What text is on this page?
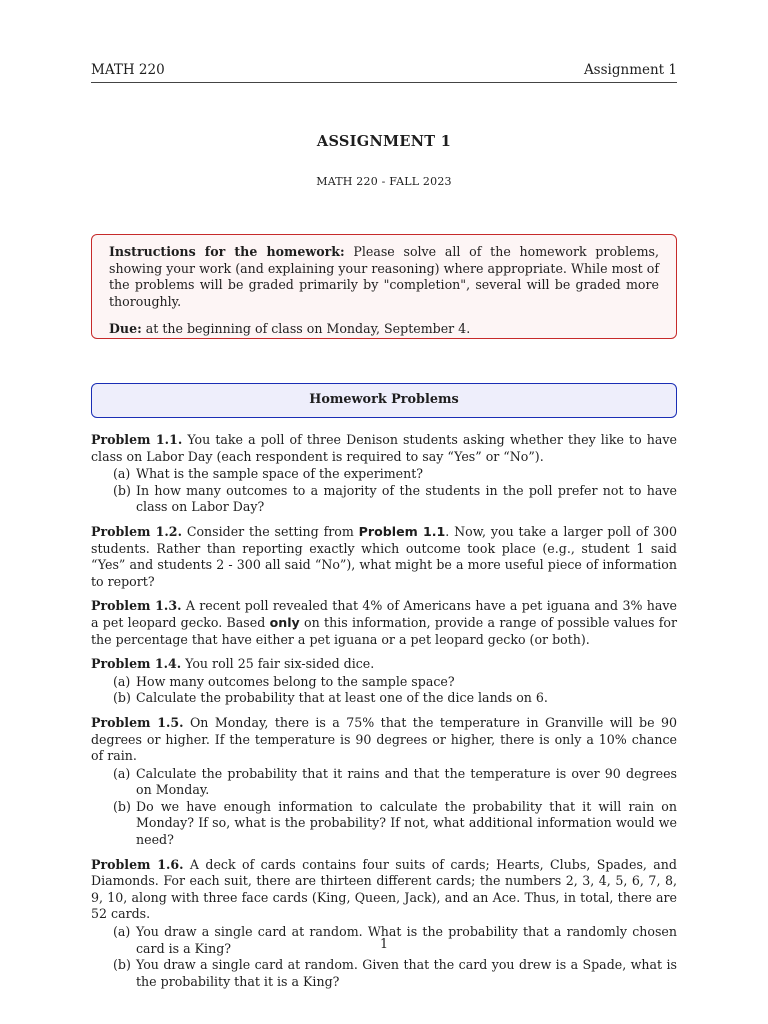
MATH 220	Assignment 1
ASSIGNMENT 1
MATH 220 - FALL 2023

Instructions for the homework: Please solve all of the homework problems, showing your work (and explaining your reasoning) where appropriate. While most of the problems will be graded primarily by "completion", several will be graded more thoroughly.

Due: at the beginning of class on Monday, September 4.

Homework Problems

Problem 1.1. You take a poll of three Denison students asking whether they like to have class on Labor Day (each respondent is required to say “Yes” or “No”).

(a) What is the sample space of the experiment?
(b) In how many outcomes to a majority of the students in the poll prefer not to have class on Labor Day?

Problem 1.2. Consider the setting from Problem 1.1. Now, you take a larger poll of 300 students. Rather than reporting exactly which outcome took place (e.g., student 1 said “Yes” and students 2 - 300 all said “No”), what might be a more useful piece of information to report?

Problem 1.3. A recent poll revealed that 4% of Americans have a pet iguana and 3% have a pet leopard gecko. Based only on this information, provide a range of possible values for the percentage that have either a pet iguana or a pet leopard gecko (or both).

Problem 1.4. You roll 25 fair six-sided dice.

(a) How many outcomes belong to the sample space?
(b) Calculate the probability that at least one of the dice lands on 6.

Problem 1.5. On Monday, there is a 75% that the temperature in Granville will be 90 degrees or higher. If the temperature is 90 degrees or higher, there is only a 10% chance of rain.

(a) Calculate the probability that it rains and that the temperature is over 90 degrees on Monday.
(b) Do we have enough information to calculate the probability that it will rain on Monday? If so, what is the probability? If not, what additional information would we need?

Problem 1.6. A deck of cards contains four suits of cards; Hearts, Clubs, Spades, and Diamonds. For each suit, there are thirteen different cards; the numbers 2, 3, 4, 5, 6, 7, 8, 9, 10, along with three face cards (King, Queen, Jack), and an Ace. Thus, in total, there are 52 cards.

(a) You draw a single card at random. What is the probability that a randomly chosen card is a King?
(b) You draw a single card at random. Given that the card you drew is a Spade, what is the probability that it is a King?
1
